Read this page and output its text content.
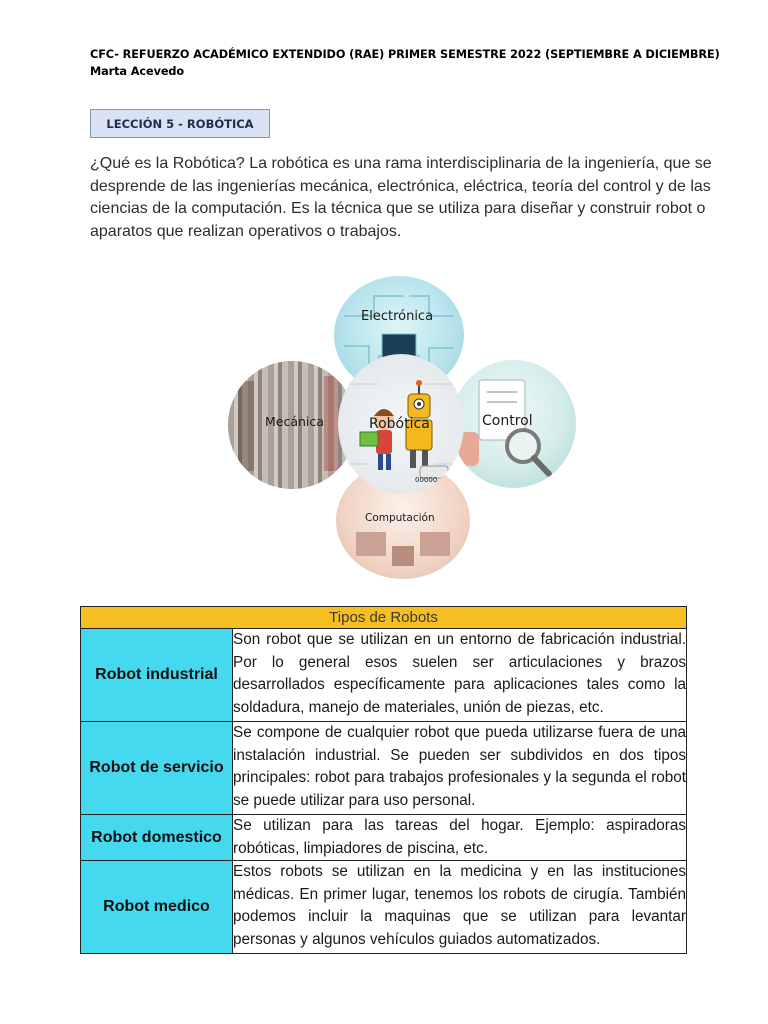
CFC- REFUERZO ACADÉMICO EXTENDIDO (RAE) PRIMER SEMESTRE 2022 (SEPTIEMBRE A DICIEMBRE)
Marta Acevedo
LECCIÓN 5 - ROBÓTICA

¿Qué es la Robótica? La robótica es una rama interdisciplinaria de la ingeniería, que se desprende de las ingenierías mecánica, electrónica, eléctrica, teoría del control y de las ciencias de la computación. Es la técnica que se utiliza para diseñar y construir robot o aparatos que realizan operativos o trabajos.

Electrónica
Mecánica	Robótica	Control
00000
Computación
Tipos de Robots	
Robot industrial	Son robot que se utilizan en un entorno de fabricación industrial. Por lo general esos suelen ser articulaciones y brazos desarrollados específicamente para aplicaciones tales como la soldadura, manejo de materiales, unión de piezas, etc.
Robot de servicio	Se compone de cualquier robot que pueda utilizarse fuera de una instalación industrial. Se pueden ser subdividos en dos tipos principales: robot para trabajos profesionales y la segunda el robot se puede utilizar para uso personal.
Robot domestico	Se utilizan para las tareas del hogar. Ejemplo: aspiradoras robóticas, limpiadores de piscina, etc.
Robot medico	Estos robots se utilizan en la medicina y en las instituciones médicas. En primer lugar, tenemos los robots de cirugía. También podemos incluir la maquinas que se utilizan para levantar personas y algunos vehículos guiados automatizados.
